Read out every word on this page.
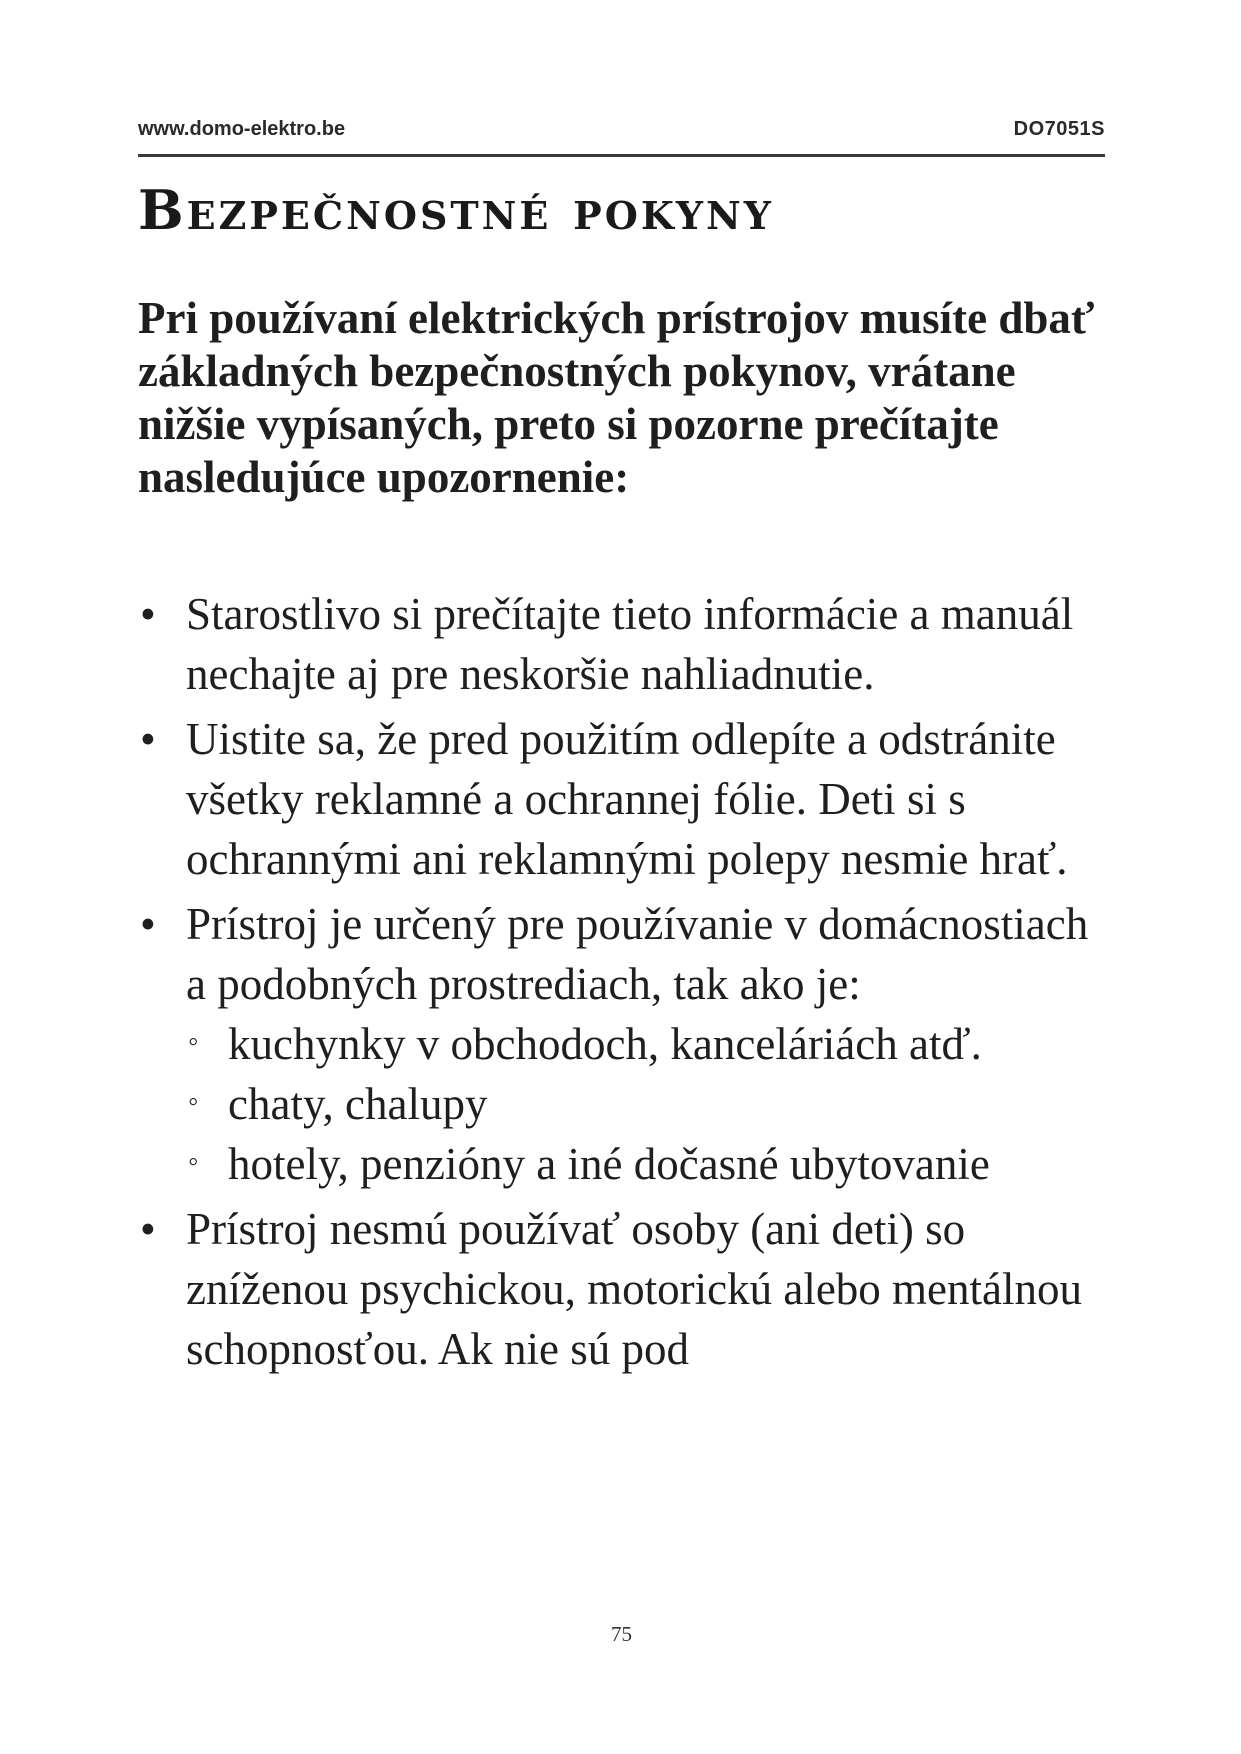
www.domo-elektro.be	DO7051S
Bezpečnostné pokyny

Pri používaní elektrických prístrojov musíte dbať základných bezpečnostných pokynov, vrátane nižšie vypísaných, preto si pozorne prečítajte nasledujúce upozornenie:

• Starostlivo si prečítajte tieto informácie a manuál nechajte aj pre neskoršie nahliadnutie.
• Uistite sa, že pred použitím odlepíte a odstránite všetky reklamné a ochrannej fólie. Deti si s ochrannými ani reklamnými polepy nesmie hrať.
• Prístroj je určený pre používanie v domácnostiach a podobných prostrediach, tak ako je:
◦ kuchynky v obchodoch, kanceláriách atď.
◦ chaty, chalupy
◦ hotely, penzióny a iné dočasné ubytovanie
• Prístroj nesmú používať osoby (ani deti) so zníženou psychickou, motorickú alebo mentálnou schopnosťou. Ak nie sú pod
75
